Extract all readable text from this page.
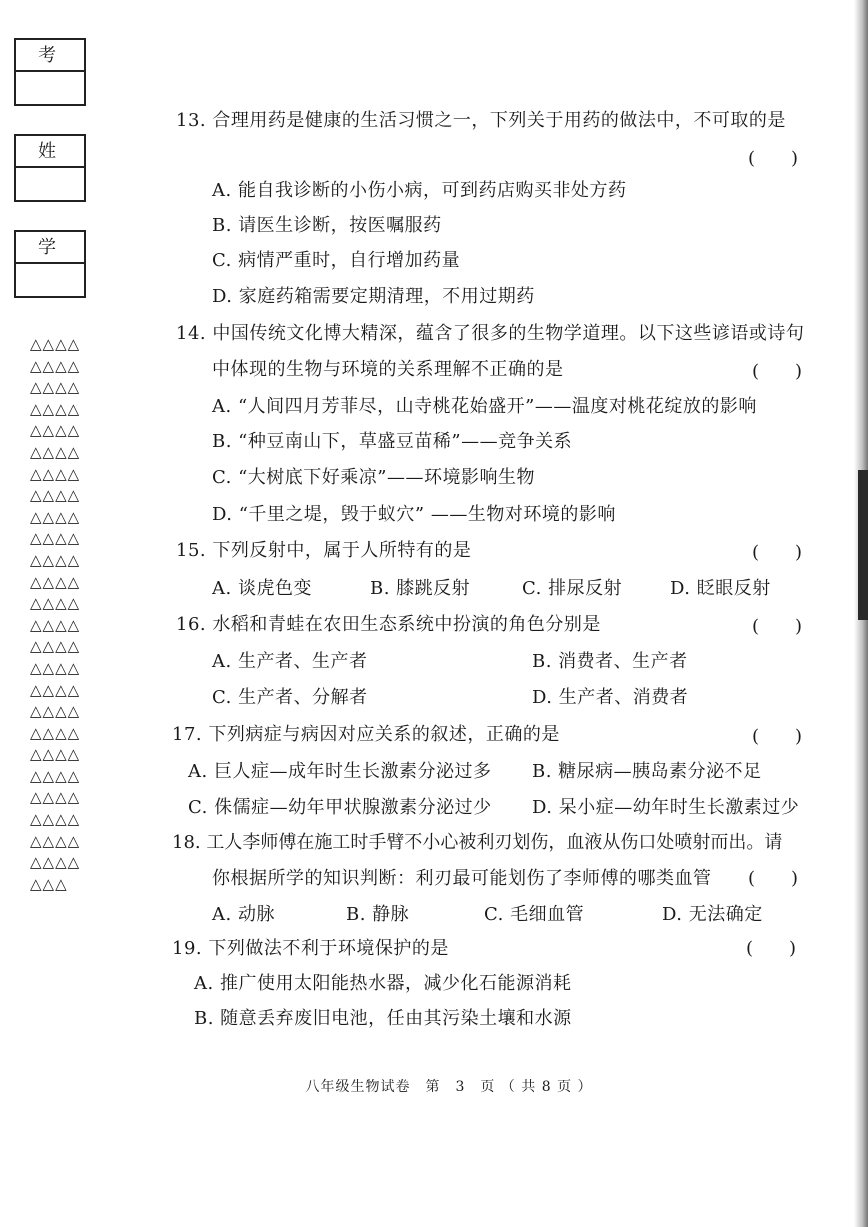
考
姓
学
△△△△△△△△△△△△△△△△△△△△△△△△△△△△△△△△△△△△△△△△△△△△△△△△△△△△△△△△△△△△△△△△△△△△△△△△△△△△△△△△△△△△△△△△△△△△△△△△△△△△△△△
13. 合理用药是健康的生活习惯之一，下列关于用药的做法中，不可取的是
(　　)
A. 能自我诊断的小伤小病，可到药店购买非处方药
B. 请医生诊断，按医嘱服药
C. 病情严重时，自行增加药量
D. 家庭药箱需要定期清理，不用过期药
14. 中国传统文化博大精深，蕴含了很多的生物学道理。以下这些谚语或诗句
中体现的生物与环境的关系理解不正确的是	(　　)
A. “人间四月芳菲尽，山寺桃花始盛开”——温度对桃花绽放的影响
B. “种豆南山下，草盛豆苗稀”——竞争关系
C. “大树底下好乘凉”——环境影响生物
D. “千里之堤，毁于蚁穴” ——生物对环境的影响
15. 下列反射中，属于人所特有的是	(　　)
A. 谈虎色变	B. 膝跳反射	C. 排尿反射	D. 眨眼反射
16. 水稻和青蛙在农田生态系统中扮演的角色分别是	(　　)
A. 生产者、生产者	B. 消费者、生产者
C. 生产者、分解者	D. 生产者、消费者
17. 下列病症与病因对应关系的叙述，正确的是	(　　)
A. 巨人症—成年时生长激素分泌过多 B. 糖尿病—胰岛素分泌不足
C. 侏儒症—幼年甲状腺激素分泌过少 D. 呆小症—幼年时生长激素过少
18. 工人李师傅在施工时手臂不小心被利刃划伤，血液从伤口处喷射而出。请
你根据所学的知识判断：利刃最可能划伤了李师傅的哪类血管 (　　)
A. 动脉	B. 静脉	C. 毛细血管	D. 无法确定
19. 下列做法不利于环境保护的是	(　　)
A. 推广使用太阳能热水器，减少化石能源消耗
B. 随意丢弃废旧电池，任由其污染土壤和水源
八年级生物试卷　第　3　页 （ 共 8 页 ）
